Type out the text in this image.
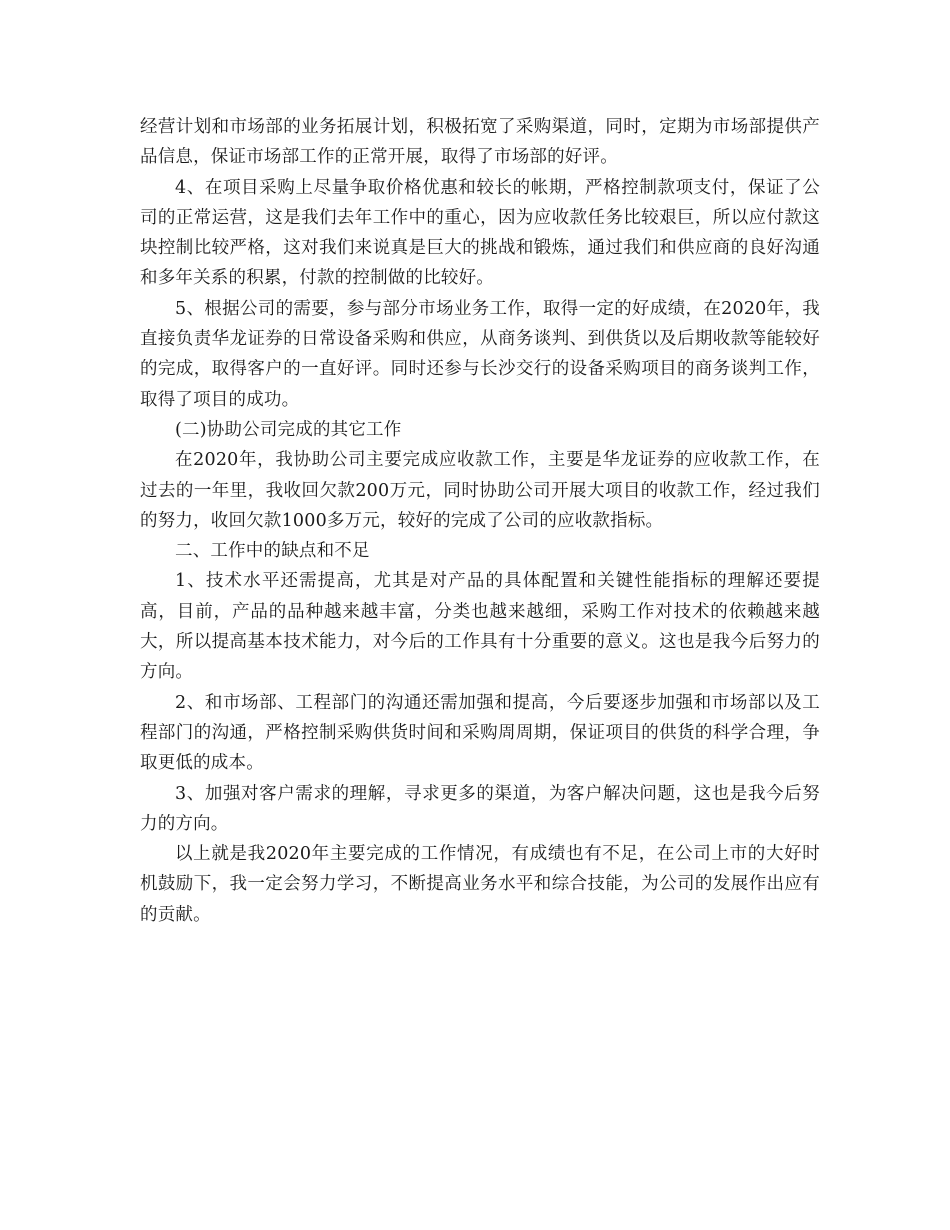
经营计划和市场部的业务拓展计划，积极拓宽了采购渠道，同时，定期为市场部提供产品信息，保证市场部工作的正常开展，取得了市场部的好评。

4、在项目采购上尽量争取价格优惠和较长的帐期，严格控制款项支付，保证了公司的正常运营，这是我们去年工作中的重心，因为应收款任务比较艰巨，所以应付款这块控制比较严格，这对我们来说真是巨大的挑战和锻炼，通过我们和供应商的良好沟通和多年关系的积累，付款的控制做的比较好。

5、根据公司的需要，参与部分市场业务工作，取得一定的好成绩，在2020年，我直接负责华龙证券的日常设备采购和供应，从商务谈判、到供货以及后期收款等能较好的完成，取得客户的一直好评。同时还参与长沙交行的设备采购项目的商务谈判工作，取得了项目的成功。

(二)协助公司完成的其它工作

在2020年，我协助公司主要完成应收款工作，主要是华龙证券的应收款工作，在过去的一年里，我收回欠款200万元，同时协助公司开展大项目的收款工作，经过我们的努力，收回欠款1000多万元，较好的完成了公司的应收款指标。

二、工作中的缺点和不足

1、技术水平还需提高，尤其是对产品的具体配置和关键性能指标的理解还要提高，目前，产品的品种越来越丰富，分类也越来越细，采购工作对技术的依赖越来越大，所以提高基本技术能力，对今后的工作具有十分重要的意义。这也是我今后努力的方向。

2、和市场部、工程部门的沟通还需加强和提高，今后要逐步加强和市场部以及工程部门的沟通，严格控制采购供货时间和采购周周期，保证项目的供货的科学合理，争取更低的成本。

3、加强对客户需求的理解，寻求更多的渠道，为客户解决问题，这也是我今后努力的方向。

以上就是我2020年主要完成的工作情况，有成绩也有不足，在公司上市的大好时机鼓励下，我一定会努力学习，不断提高业务水平和综合技能，为公司的发展作出应有的贡献。
